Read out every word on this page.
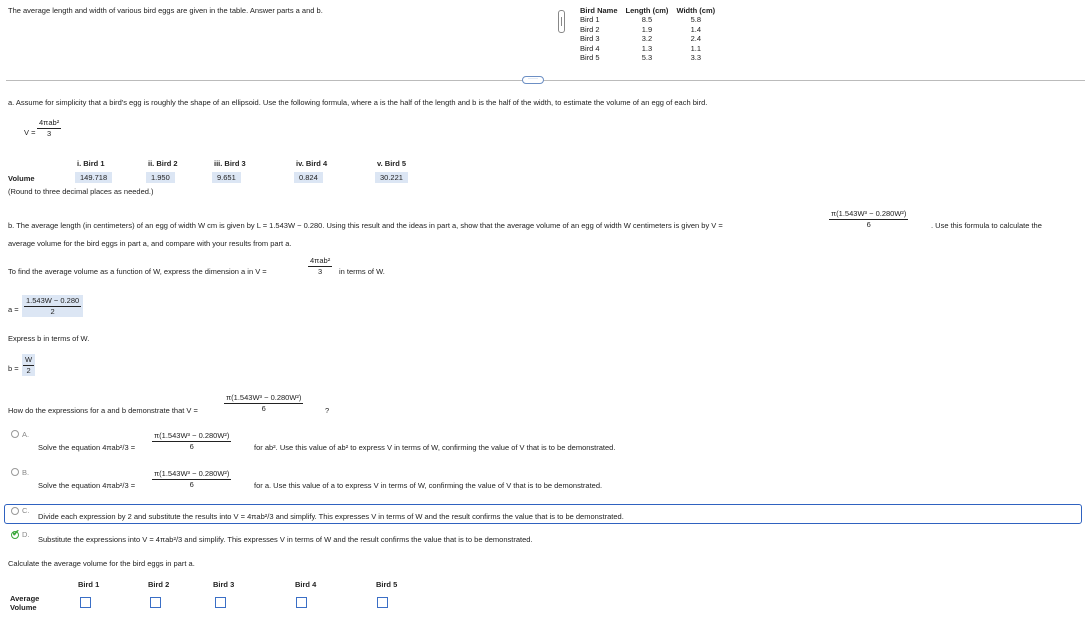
The average length and width of various bird eggs are given in the table. Answer parts a and b.	Bird Name	Length (cm)	Width (cm)
Bird 1	8.5	5.8
Bird 2	1.9	1.4
Bird 3	3.2	2.4
Bird 4	1.3	1.1
Bird 5	5.3	3.3
·····
a. Assume for simplicity that a bird's egg is roughly the shape of an ellipsoid. Use the following formula, where a is the half of the length and b is the half of the width, to estimate the volume of an egg of each bird.
V =
4πab²
3
i. Bird 1	ii. Bird 2	iii. Bird 3	iv. Bird 4	v. Bird 5
Volume	149.718	1.950	9.651	0.824	30.221
(Round to three decimal places as needed.)
b. The average length (in centimeters) of an egg of width W cm is given by L = 1.543W − 0.280. Using this result and the ideas in part a, show that the average volume of an egg of width W centimeters is given by V =	$\frac{\text{π(1.543W³ − 0.280W²)}}{6}$	. Use this formula to calculate the
average volume for the bird eggs in part a, and compare with your results from part a.
To find the average volume as a function of W, express the dimension a in V =
4πab²
3 in terms of W.
$a = \frac{1.543W - 0.280}{2}$
Express b in terms of W.
$b = \frac{W}{2}$
How do the expressions for a and b demonstrate that V =	$\frac{\text{π(1.543W³ − 0.280W²)}}{6}$	?
A.
Solve the equation $4\pi ab^2/3 = \frac{\text{π(1.543W³ − 0.280W²)}}{6}$	for ab². Use this value of ab² to express V in terms of W, confirming the value of V that is to be demonstrated.
B.
Solve the equation $4\pi ab^2/3 = \frac{\text{π(1.543W³ − 0.280W²)}}{6}$	for a. Use this value of a to express V in terms of W, confirming the value of V that is to be demonstrated.
C.
Divide each expression by 2 and substitute the results into V = 4πab²/3 and simplify. This expresses V in terms of W and the result confirms the value that is to be demonstrated.
✔ D.
Substitute the expressions into V = 4πab²/3 and simplify. This expresses V in terms of W and the result confirms the value that is to be demonstrated.
Calculate the average volume for the bird eggs in part a.
Bird 1	Bird 2	Bird 3	Bird 4	Bird 5
Average
Volume
